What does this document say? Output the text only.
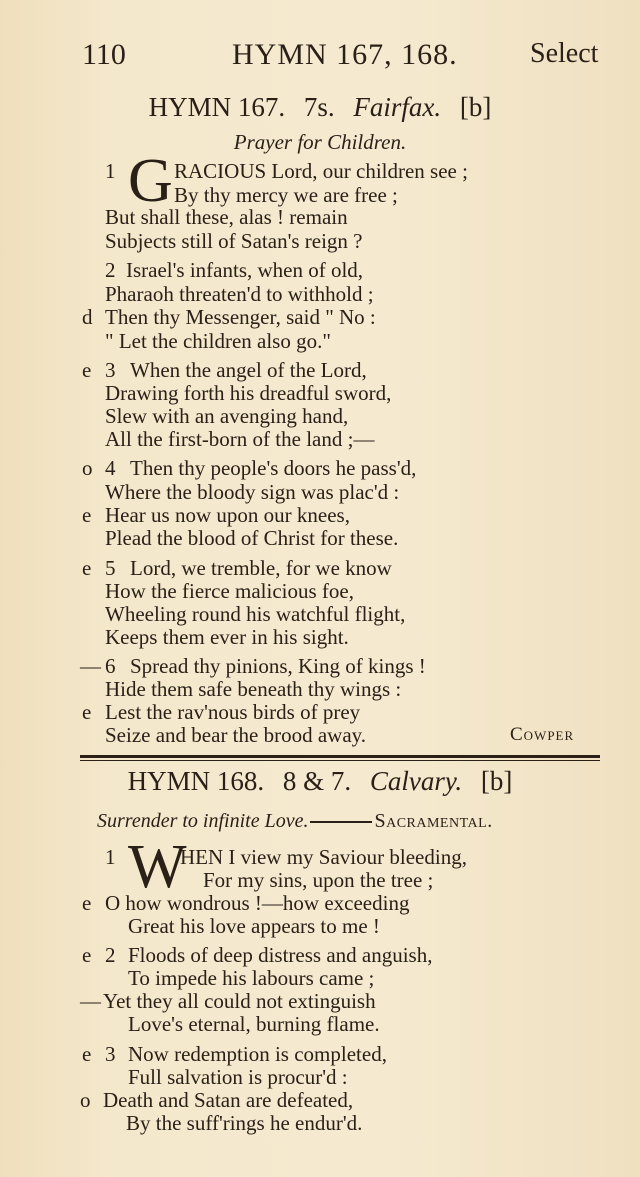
110	HYMN 167, 168.	Select
HYMN 167. 7s. Fairfax. [b]
Prayer for Children.
1 G RACIOUS Lord, our children see ;
By thy mercy we are free ;
But shall these, alas ! remain
Subjects still of Satan's reign ?
2 Israel's infants, when of old,
Pharaoh threaten'd to withhold ;
d Then thy Messenger, said " No :
" Let the children also go."
e 3 When the angel of the Lord,
Drawing forth his dreadful sword,
Slew with an avenging hand,
All the first-born of the land ;—
o 4 Then thy people's doors he pass'd,
Where the bloody sign was plac'd :
e Hear us now upon our knees,
Plead the blood of Christ for these.
e 5 Lord, we tremble, for we know
How the fierce malicious foe,
Wheeling round his watchful flight,
Keeps them ever in his sight.
— 6 Spread thy pinions, King of kings !
Hide them safe beneath thy wings :
e Lest the rav'nous birds of prey
Seize and bear the brood away.	Cowper
HYMN 168. 8 & 7. Calvary. [b]
Surrender to infinite Love.	Sacramental.
1 W
HEN I view my Saviour bleeding,
For my sins, upon the tree ;
e O how wondrous !—how exceeding
Great his love appears to me !
e 2 Floods of deep distress and anguish,
To impede his labours came ;
— Yet they all could not extinguish
Love's eternal, burning flame.
e 3 Now redemption is completed,
Full salvation is procur'd :
o Death and Satan are defeated,
By the suff'rings he endur'd.
